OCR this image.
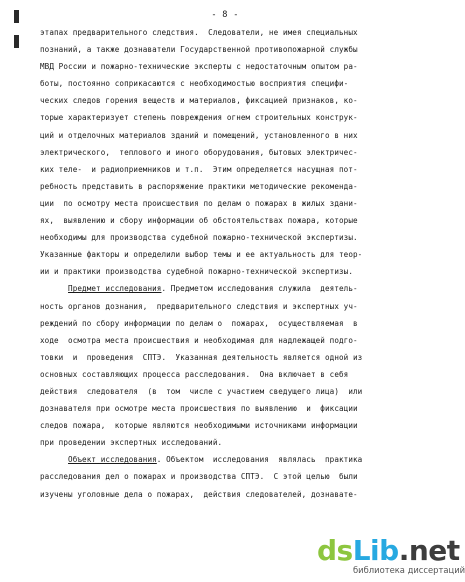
- 8 -
этапах предварительного следствия.  Следователи, не имея специальных
познаний, а также дознаватели Государственной противопожарной службы
МВД России и пожарно-технические эксперты с недостаточным опытом ра-
боты, постоянно соприкасаются с необходимостью восприятия специфи-
ческих следов горения веществ и материалов, фиксацией признаков, ко-
торые характеризует степень повреждения огнем строительных конструк-
ций и отделочных материалов зданий и помещений, установленного в них
электрического,  теплового и иного оборудования, бытовых электричес-
ких теле-  и радиоприемников и т.п.  Этим определяется насущная пот-
ребность представить в распоряжение практики методические рекоменда-
ции  по осмотру места происшествия по делам о пожарах в жилых здани-
ях,  выявлению и сбору информации об обстоятельствах пожара, которые
необходимы для производства судебной пожарно-технической экспертизы.
Указанные факторы и определили выбор темы и ее актуальность для теор-
ии и практики производства судебной пожарно-технической экспертизы.
Предмет исследования. Предметом исследования служила  деятель-
ность органов дознания,  предварительного следствия и экспертных уч-
реждений по сбору информации по делам о  пожарах,  осуществляемая  в
ходе  осмотра места происшествия и необходимая для надлежащей подго-
товки  и  проведения  СПТЭ.  Указанная деятельность является одной из
основных составляющих процесса расследования.  Она включает в себя
действия  следователя  (в  том  числе с участием сведущего лица)  или
дознавателя при осмотре места происшествия по выявлению  и  фиксации
следов пожара,  которые являются необходимыми источниками информации
при проведении экспертных исследований.
Объект исследования. Объектом  исследования  являлась  практика
расследования дел о пожарах и производства СПТЭ.  С этой целью  были
изучены уголовные дела о пожарах,  действия следователей, дознавате-
dsLib.net
библиотека диссертаций
